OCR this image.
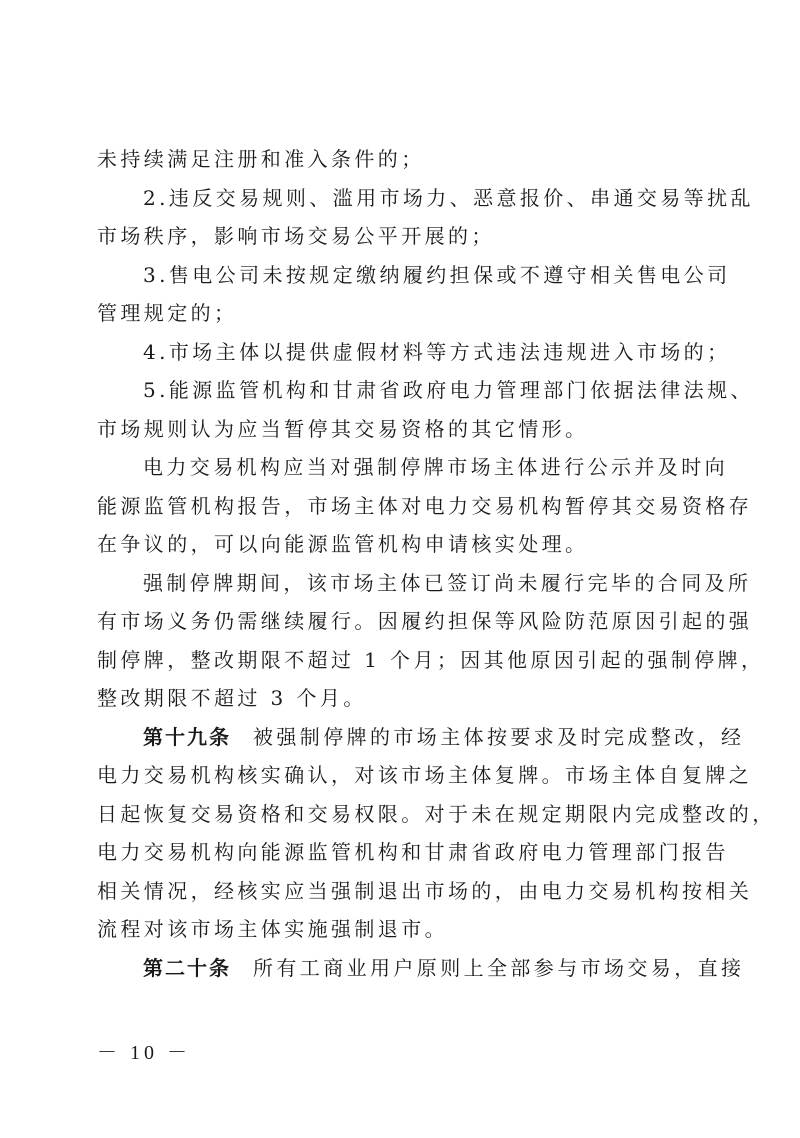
未持续满足注册和准入条件的；
2.违反交易规则、滥用市场力、恶意报价、串通交易等扰乱
市场秩序，影响市场交易公平开展的；
3.售电公司未按规定缴纳履约担保或不遵守相关售电公司
管理规定的；
4.市场主体以提供虚假材料等方式违法违规进入市场的；
5.能源监管机构和甘肃省政府电力管理部门依据法律法规、
市场规则认为应当暂停其交易资格的其它情形。
电力交易机构应当对强制停牌市场主体进行公示并及时向
能源监管机构报告，市场主体对电力交易机构暂停其交易资格存
在争议的，可以向能源监管机构申请核实处理。
强制停牌期间，该市场主体已签订尚未履行完毕的合同及所
有市场义务仍需继续履行。因履约担保等风险防范原因引起的强
制停牌，整改期限不超过 1 个月；因其他原因引起的强制停牌，
整改期限不超过 3 个月。
第十九条 被强制停牌的市场主体按要求及时完成整改，经
电力交易机构核实确认，对该市场主体复牌。市场主体自复牌之
日起恢复交易资格和交易权限。对于未在规定期限内完成整改的，
电力交易机构向能源监管机构和甘肃省政府电力管理部门报告
相关情况，经核实应当强制退出市场的，由电力交易机构按相关
流程对该市场主体实施强制退市。
第二十条 所有工商业用户原则上全部参与市场交易，直接
－ 10 －
